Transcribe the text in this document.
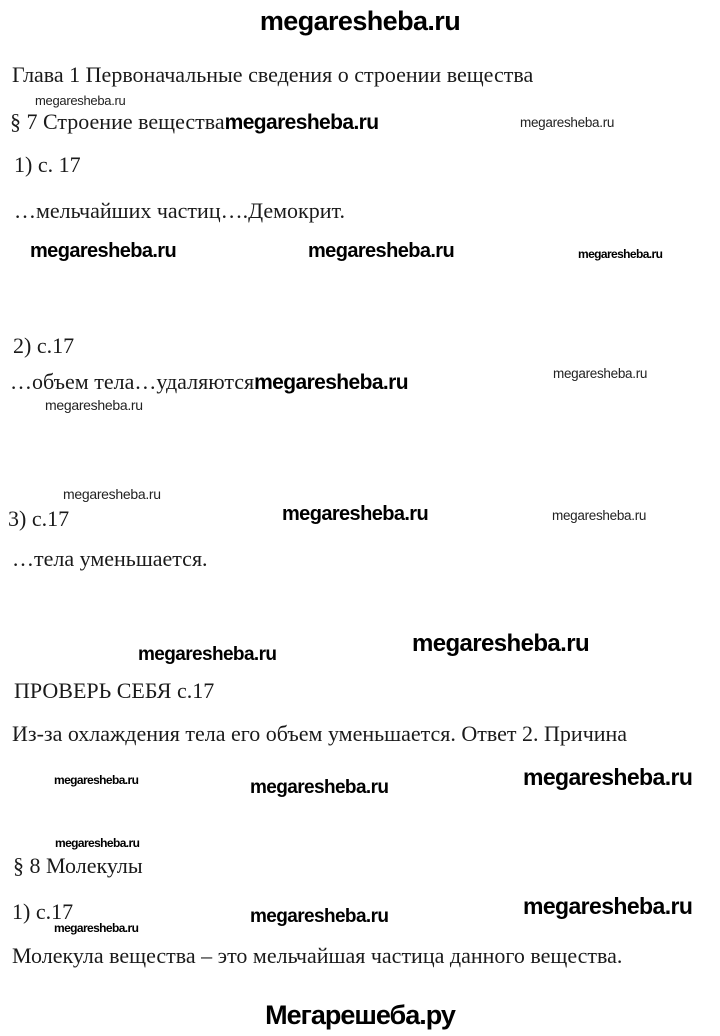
megaresheba.ru
Глава 1 Первоначальные сведения о строении вещества
megaresheba.ru
§ 7 Строение веществаmegaresheba.ru	megaresheba.ru
1) с. 17
…мельчайших частиц….Демокрит.
megaresheba.ru	megaresheba.ru	megaresheba.ru
2) с.17
…объем тела…удаляютсяmegaresheba.ru	megaresheba.ru
megaresheba.ru
megaresheba.ru
3) с.17	megaresheba.ru	megaresheba.ru
…тела уменьшается.
megaresheba.ru	megaresheba.ru
ПРОВЕРЬ СЕБЯ с.17
Из-за охлаждения тела его объем уменьшается. Ответ 2. Причина
megaresheba.ru	megaresheba.ru	megaresheba.ru
megaresheba.ru
§ 8 Молекулы
1) с.17	megaresheba.ru	megaresheba.ru
megaresheba.ru
Молекула вещества – это мельчайшая частица данного вещества.
Мегарешеба.ру
